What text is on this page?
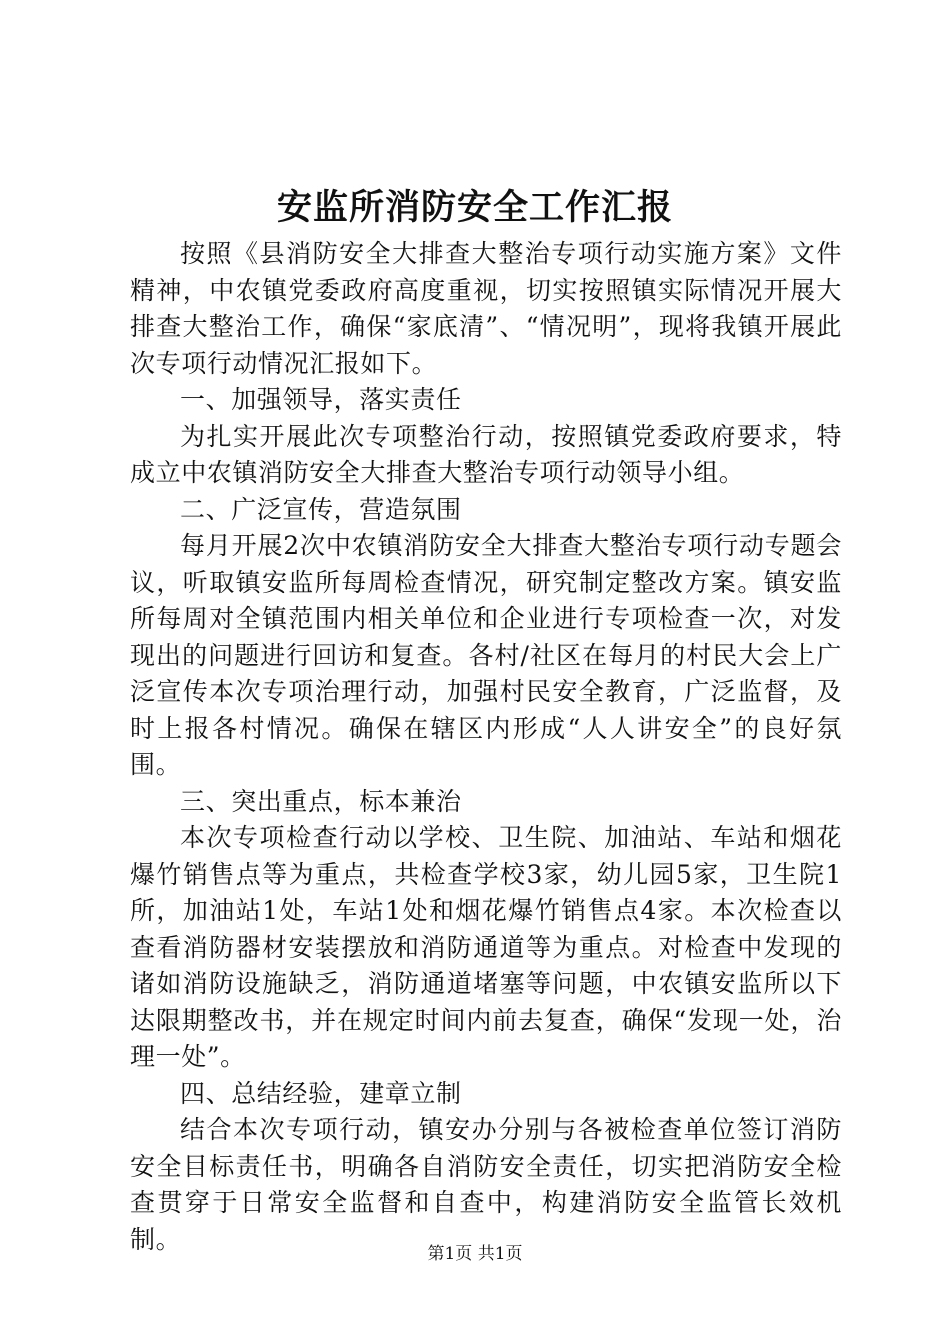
安监所消防安全工作汇报

按照《县消防安全大排查大整治专项行动实施方案》文件精神，中农镇党委政府高度重视，切实按照镇实际情况开展大排查大整治工作，确保“家底清”、“情况明”，现将我镇开展此次专项行动情况汇报如下。

一、加强领导，落实责任

为扎实开展此次专项整治行动，按照镇党委政府要求，特成立中农镇消防安全大排查大整治专项行动领导小组。

二、广泛宣传，营造氛围

每月开展2次中农镇消防安全大排查大整治专项行动专题会议，听取镇安监所每周检查情况，研究制定整改方案。镇安监所每周对全镇范围内相关单位和企业进行专项检查一次，对发现出的问题进行回访和复查。各村/社区在每月的村民大会上广泛宣传本次专项治理行动，加强村民安全教育，广泛监督，及时上报各村情况。确保在辖区内形成“人人讲安全”的良好氛围。

三、突出重点，标本兼治

本次专项检查行动以学校、卫生院、加油站、车站和烟花爆竹销售点等为重点，共检查学校3家，幼儿园5家，卫生院1所，加油站1处，车站1处和烟花爆竹销售点4家。本次检查以查看消防器材安装摆放和消防通道等为重点。对检查中发现的诸如消防设施缺乏，消防通道堵塞等问题，中农镇安监所以下达限期整改书，并在规定时间内前去复查，确保“发现一处，治理一处”。

四、总结经验，建章立制

结合本次专项行动，镇安办分别与各被检查单位签订消防安全目标责任书，明确各自消防安全责任，切实把消防安全检查贯穿于日常安全监督和自查中，构建消防安全监管长效机制。

第1页 共1页
